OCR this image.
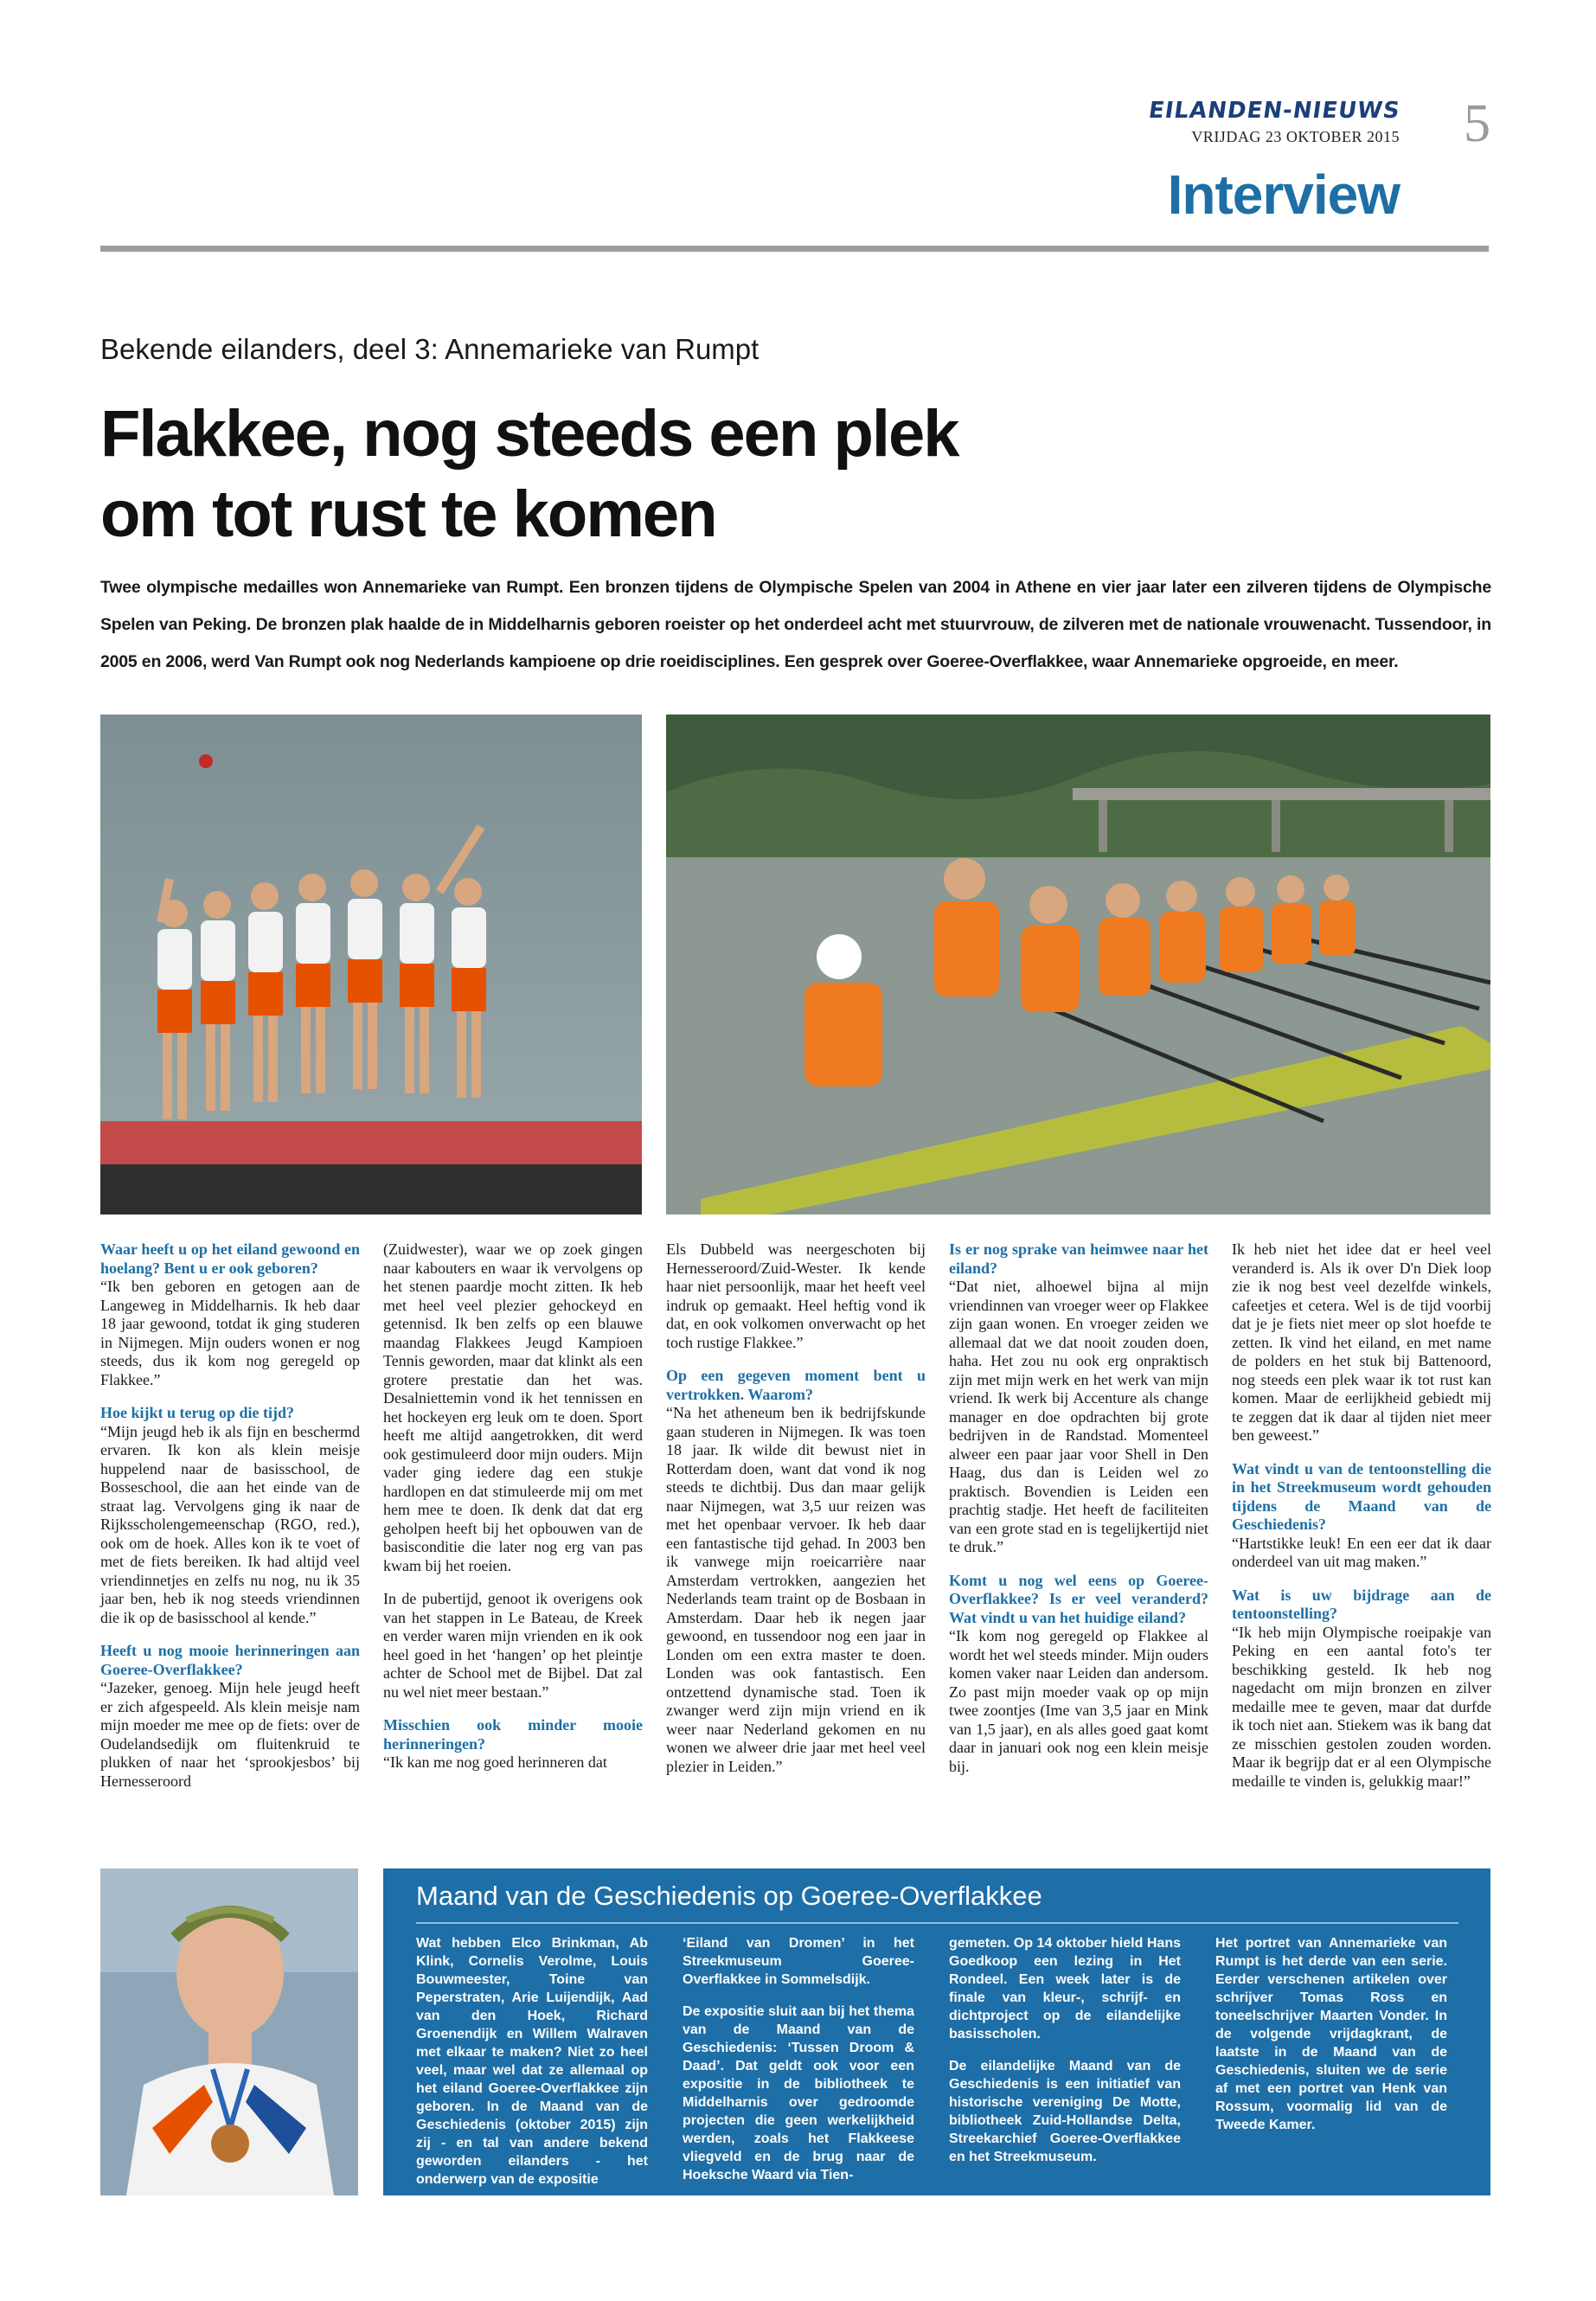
EILANDEN-NIEUWS
VRIJDAG 23 OKTOBER 2015 5
Interview
Bekende eilanders, deel 3: Annemarieke van Rumpt
Flakkee, nog steeds een plek
om tot rust te komen
Twee olympische medailles won Annemarieke van Rumpt. Een bronzen tijdens de Olympische Spelen van 2004 in Athene en vier jaar later een zilveren tijdens de Olympische Spelen van Peking. De bronzen plak haalde de in Middelharnis geboren roeister op het onderdeel acht met stuurvrouw, de zilveren met de nationale vrouwenacht. Tussendoor, in 2005 en 2006, werd Van Rumpt ook nog Nederlands kampioene op drie roeidisciplines. Een gesprek over Goeree-Overflakkee, waar Annemarieke opgroeide, en meer.

Waar heeft u op het eiland gewoond en hoelang? Bent u er ook geboren?

“Ik ben geboren en getogen aan de Langeweg in Middelharnis. Ik heb daar 18 jaar gewoond, totdat ik ging studeren in Nijmegen. Mijn ouders wonen er nog steeds, dus ik kom nog geregeld op Flakkee.”

Hoe kijkt u terug op die tijd?

“Mijn jeugd heb ik als fijn en beschermd ervaren. Ik kon als klein meisje huppelend naar de basisschool, de Bosseschool, die aan het einde van de straat lag. Vervolgens ging ik naar de Rijksscholengemeenschap (RGO, red.), ook om de hoek. Alles kon ik te voet of met de fiets bereiken. Ik had altijd veel vriendinnetjes en zelfs nu nog, nu ik 35 jaar ben, heb ik nog steeds vriendinnen die ik op de basisschool al kende.”

Heeft u nog mooie herinneringen aan Goeree-Overflakkee?

“Jazeker, genoeg. Mijn hele jeugd heeft er zich afgespeeld. Als klein meisje nam mijn moeder me mee op de fiets: over de Oudelandsedijk om fluitenkruid te plukken of naar het ‘sprookjesbos’ bij Hernesseroord

(Zuidwester), waar we op zoek gingen naar kabouters en waar ik vervolgens op het stenen paardje mocht zitten. Ik heb met heel veel plezier gehockeyd en getennisd. Ik ben zelfs op een blauwe maandag Flakkees Jeugd Kampioen Tennis geworden, maar dat klinkt als een grotere prestatie dan het was. Desalniettemin vond ik het tennissen en het hockeyen erg leuk om te doen. Sport heeft me altijd aangetrokken, dit werd ook gestimuleerd door mijn ouders. Mijn vader ging iedere dag een stukje hardlopen en dat stimuleerde mij om met hem mee te doen. Ik denk dat dat erg geholpen heeft bij het opbouwen van de basisconditie die later nog erg van pas kwam bij het roeien.

In de pubertijd, genoot ik overigens ook van het stappen in Le Bateau, de Kreek en verder waren mijn vrienden en ik ook heel goed in het ‘hangen’ op het pleintje achter de School met de Bijbel. Dat zal nu wel niet meer bestaan.”

Misschien ook minder mooie herinneringen?

“Ik kan me nog goed herinneren dat

Els Dubbeld was neergeschoten bij Hernesseroord/Zuid-Wester. Ik kende haar niet persoonlijk, maar het heeft veel indruk op gemaakt. Heel heftig vond ik dat, en ook volkomen onverwacht op het toch rustige Flakkee.”

Op een gegeven moment bent u vertrokken. Waarom?

“Na het atheneum ben ik bedrijfskunde gaan studeren in Nijmegen. Ik was toen 18 jaar. Ik wilde dit bewust niet in Rotterdam doen, want dat vond ik nog steeds te dichtbij. Dus dan maar gelijk naar Nijmegen, wat 3,5 uur reizen was met het openbaar vervoer. Ik heb daar een fantastische tijd gehad. In 2003 ben ik vanwege mijn roeicarrière naar Amsterdam vertrokken, aangezien het Nederlands team traint op de Bosbaan in Amsterdam. Daar heb ik negen jaar gewoond, en tussendoor nog een jaar in Londen om een extra master te doen. Londen was ook fantastisch. Een ontzettend dynamische stad. Toen ik zwanger werd zijn mijn vriend en ik weer naar Nederland gekomen en nu wonen we alweer drie jaar met heel veel plezier in Leiden.”

Is er nog sprake van heimwee naar het eiland?

“Dat niet, alhoewel bijna al mijn vriendinnen van vroeger weer op Flakkee zijn gaan wonen. En vroeger zeiden we allemaal dat we dat nooit zouden doen, haha. Het zou nu ook erg onpraktisch zijn met mijn werk en het werk van mijn vriend. Ik werk bij Accenture als change manager en doe opdrachten bij grote bedrijven in de Randstad. Momenteel alweer een paar jaar voor Shell in Den Haag, dus dan is Leiden wel zo praktisch. Bovendien is Leiden een prachtig stadje. Het heeft de faciliteiten van een grote stad en is tegelijkertijd niet te druk.”

Komt u nog wel eens op Goeree-Overflakkee? Is er veel veranderd? Wat vindt u van het huidige eiland?

“Ik kom nog geregeld op Flakkee al wordt het wel steeds minder. Mijn ouders komen vaker naar Leiden dan andersom. Zo past mijn moeder vaak op op mijn twee zoontjes (Ime van 3,5 jaar en Mink van 1,5 jaar), en als alles goed gaat komt daar in januari ook nog een klein meisje bij.

Ik heb niet het idee dat er heel veel veranderd is. Als ik over D'n Diek loop zie ik nog best veel dezelfde winkels, cafeetjes et cetera. Wel is de tijd voorbij dat je je fiets niet meer op slot hoefde te zetten. Ik vind het eiland, en met name de polders en het stuk bij Battenoord, nog steeds een plek waar ik tot rust kan komen. Maar de eerlijkheid gebiedt mij te zeggen dat ik daar al tijden niet meer ben geweest.”

Wat vindt u van de tentoonstelling die in het Streekmuseum wordt gehouden tijdens de Maand van de Geschiedenis?

“Hartstikke leuk! En een eer dat ik daar onderdeel van uit mag maken.”

Wat is uw bijdrage aan de tentoonstelling?

“Ik heb mijn Olympische roeipakje van Peking en een aantal foto's ter beschikking gesteld. Ik heb nog nagedacht om mijn bronzen en zilver medaille mee te geven, maar dat durfde ik toch niet aan. Stiekem was ik bang dat ze misschien gestolen zouden worden. Maar ik begrijp dat er al een Olympische medaille te vinden is, gelukkig maar!”

Maand van de Geschiedenis op Goeree-Overflakkee

Wat hebben Elco Brinkman, Ab Klink, Cornelis Verolme, Louis Bouwmeester, Toine van Peperstraten, Arie Luijendijk, Aad van den Hoek, Richard Groenendijk en Willem Walraven met elkaar te maken? Niet zo heel veel, maar wel dat ze allemaal op het eiland Goeree-Overflakkee zijn geboren. In de Maand van de Geschiedenis (oktober 2015) zijn zij - en tal van andere bekend geworden eilanders - het onderwerp van de expositie

‘Eiland van Dromen’ in het Streekmuseum Goeree-Overflakkee in Sommelsdijk.

De expositie sluit aan bij het thema van de Maand van de Geschiedenis: ‘Tussen Droom & Daad’. Dat geldt ook voor een expositie in de bibliotheek te Middelharnis over gedroomde projecten die geen werkelijkheid werden, zoals het Flakkeese vliegveld en de brug naar de Hoeksche Waard via Tien-

gemeten. Op 14 oktober hield Hans Goedkoop een lezing in Het Rondeel. Een week later is de finale van kleur-, schrijf- en dichtproject op de eilandelijke basisscholen.

De eilandelijke Maand van de Geschiedenis is een initiatief van historische vereniging De Motte, bibliotheek Zuid-Hollandse Delta, Streekarchief Goeree-Overflakkee en het Streekmuseum.

Het portret van Annemarieke van Rumpt is het derde van een serie. Eerder verschenen artikelen over schrijver Tomas Ross en toneelschrijver Maarten Vonder. In de volgende vrijdagkrant, de laatste in de Maand van de Geschiedenis, sluiten we de serie af met een portret van Henk van Rossum, voormalig lid van de Tweede Kamer.
